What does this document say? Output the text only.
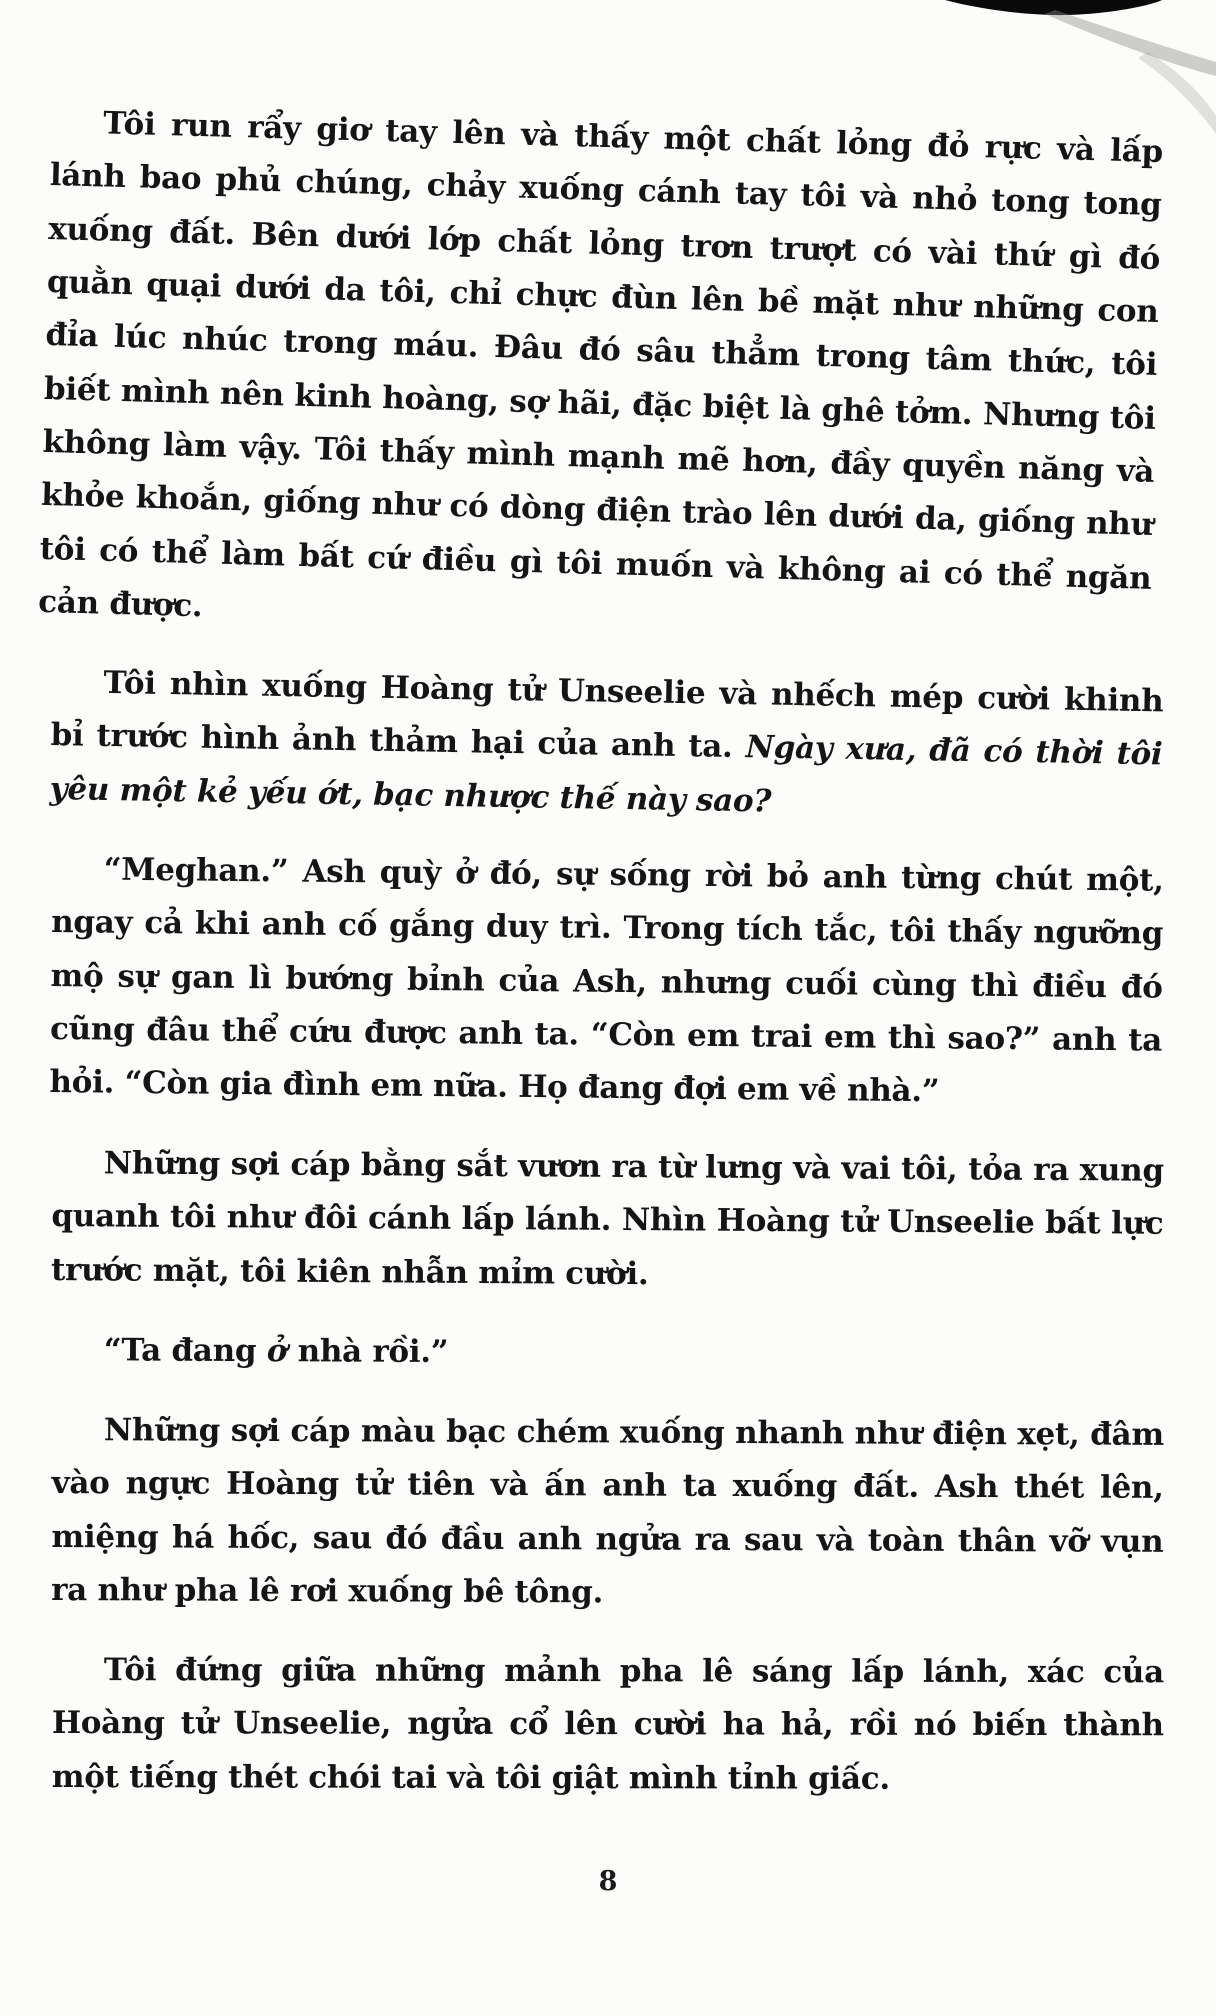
Tôi run rẩy giơ tay lên và thấy một chất lỏng đỏ rực và lấp lánh bao phủ chúng, chảy xuống cánh tay tôi và nhỏ tong tong xuống đất. Bên dưới lớp chất lỏng trơn trượt có vài thứ gì đó quằn quại dưới da tôi, chỉ chực đùn lên bề mặt như những con đỉa lúc nhúc trong máu. Đâu đó sâu thẳm trong tâm thức, tôi biết mình nên kinh hoàng, sợ hãi, đặc biệt là ghê tởm. Nhưng tôi không làm vậy. Tôi thấy mình mạnh mẽ hơn, đầy quyền năng và khỏe khoắn, giống như có dòng điện trào lên dưới da, giống như tôi có thể làm bất cứ điều gì tôi muốn và không ai có thể ngăn cản được.

Tôi nhìn xuống Hoàng tử Unseelie và nhếch mép cười khinh bỉ trước hình ảnh thảm hại của anh ta. Ngày xưa, đã có thời tôi yêu một kẻ yếu ớt, bạc nhược thế này sao?

“Meghan.” Ash quỳ ở đó, sự sống rời bỏ anh từng chút một, ngay cả khi anh cố gắng duy trì. Trong tích tắc, tôi thấy ngưỡng mộ sự gan lì bướng bỉnh của Ash, nhưng cuối cùng thì điều đó cũng đâu thể cứu được anh ta. “Còn em trai em thì sao?” anh ta hỏi. “Còn gia đình em nữa. Họ đang đợi em về nhà.”

Những sợi cáp bằng sắt vươn ra từ lưng và vai tôi, tỏa ra xung quanh tôi như đôi cánh lấp lánh. Nhìn Hoàng tử Unseelie bất lực trước mặt, tôi kiên nhẫn mỉm cười.

“Ta đang ở nhà rồi.”

Những sợi cáp màu bạc chém xuống nhanh như điện xẹt, đâm vào ngực Hoàng tử tiên và ấn anh ta xuống đất. Ash thét lên, miệng há hốc, sau đó đầu anh ngửa ra sau và toàn thân vỡ vụn ra như pha lê rơi xuống bê tông.

Tôi đứng giữa những mảnh pha lê sáng lấp lánh, xác của Hoàng tử Unseelie, ngửa cổ lên cười ha hả, rồi nó biến thành một tiếng thét chói tai và tôi giật mình tỉnh giấc.

8
